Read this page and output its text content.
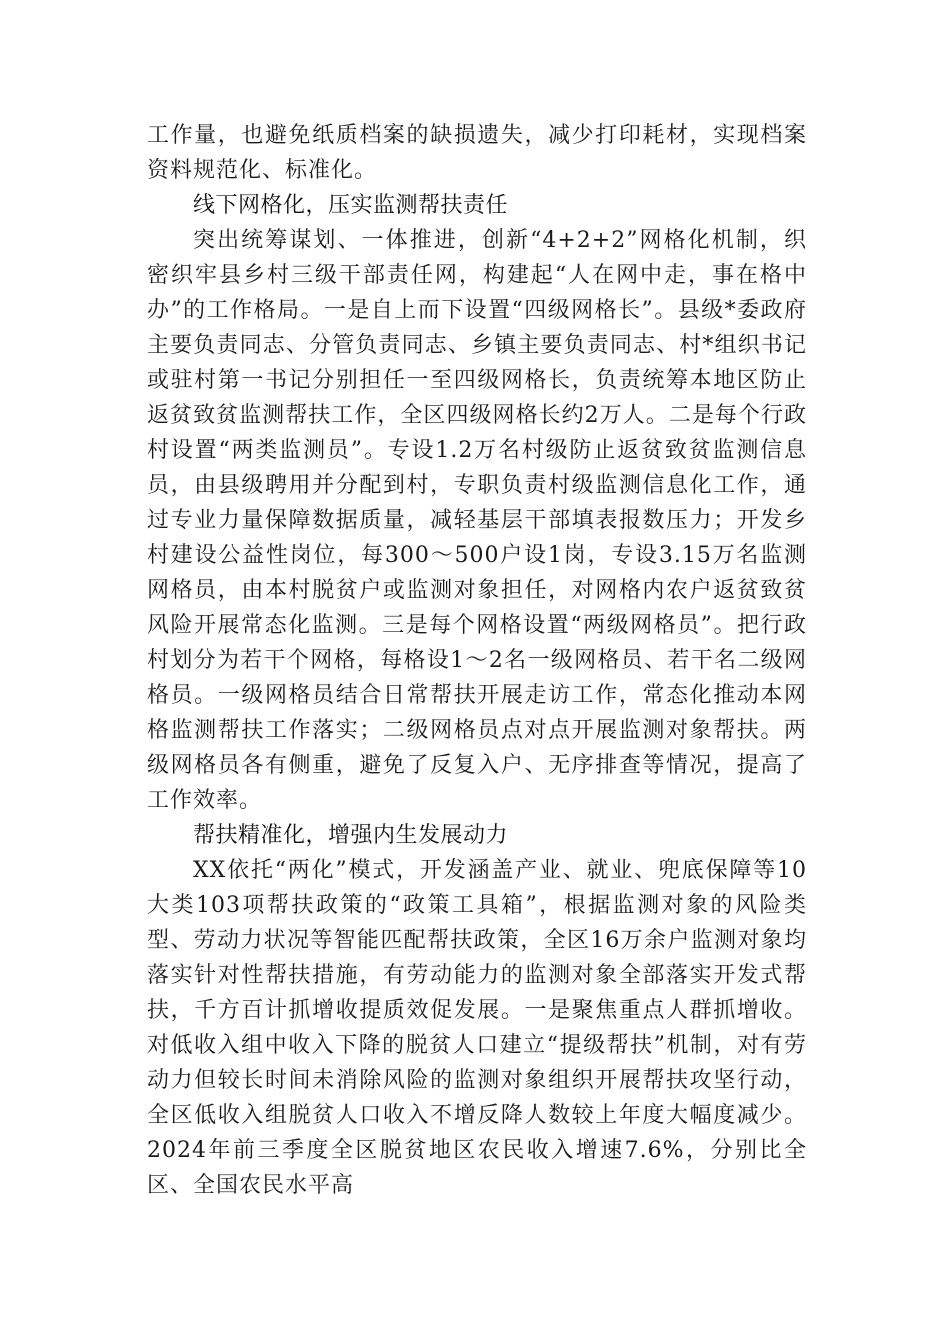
工作量，也避免纸质档案的缺损遗失，减少打印耗材，实现档案资料规范化、标准化。

线下网格化，压实监测帮扶责任

突出统筹谋划、一体推进，创新“4+2+2”网格化机制，织密织牢县乡村三级干部责任网，构建起“人在网中走，事在格中办”的工作格局。一是自上而下设置“四级网格长”。县级*委政府主要负责同志、分管负责同志、乡镇主要负责同志、村*组织书记或驻村第一书记分别担任一至四级网格长，负责统筹本地区防止返贫致贫监测帮扶工作，全区四级网格长约2万人。二是每个行政村设置“两类监测员”。专设1.2万名村级防止返贫致贫监测信息员，由县级聘用并分配到村，专职负责村级监测信息化工作，通过专业力量保障数据质量，减轻基层干部填表报数压力；开发乡村建设公益性岗位，每300～500户设1岗，专设3.15万名监测网格员，由本村脱贫户或监测对象担任，对网格内农户返贫致贫风险开展常态化监测。三是每个网格设置“两级网格员”。把行政村划分为若干个网格，每格设1～2名一级网格员、若干名二级网格员。一级网格员结合日常帮扶开展走访工作，常态化推动本网格监测帮扶工作落实；二级网格员点对点开展监测对象帮扶。两级网格员各有侧重，避免了反复入户、无序排查等情况，提高了工作效率。

帮扶精准化，增强内生发展动力

XX依托“两化”模式，开发涵盖产业、就业、兜底保障等10大类103项帮扶政策的“政策工具箱”，根据监测对象的风险类型、劳动力状况等智能匹配帮扶政策，全区16万余户监测对象均落实针对性帮扶措施，有劳动能力的监测对象全部落实开发式帮扶，千方百计抓增收提质效促发展。一是聚焦重点人群抓增收。对低收入组中收入下降的脱贫人口建立“提级帮扶”机制，对有劳动力但较长时间未消除风险的监测对象组织开展帮扶攻坚行动，全区低收入组脱贫人口收入不增反降人数较上年度大幅度减少。2024年前三季度全区脱贫地区农民收入增速7.6%，分别比全区、全国农民水平高
